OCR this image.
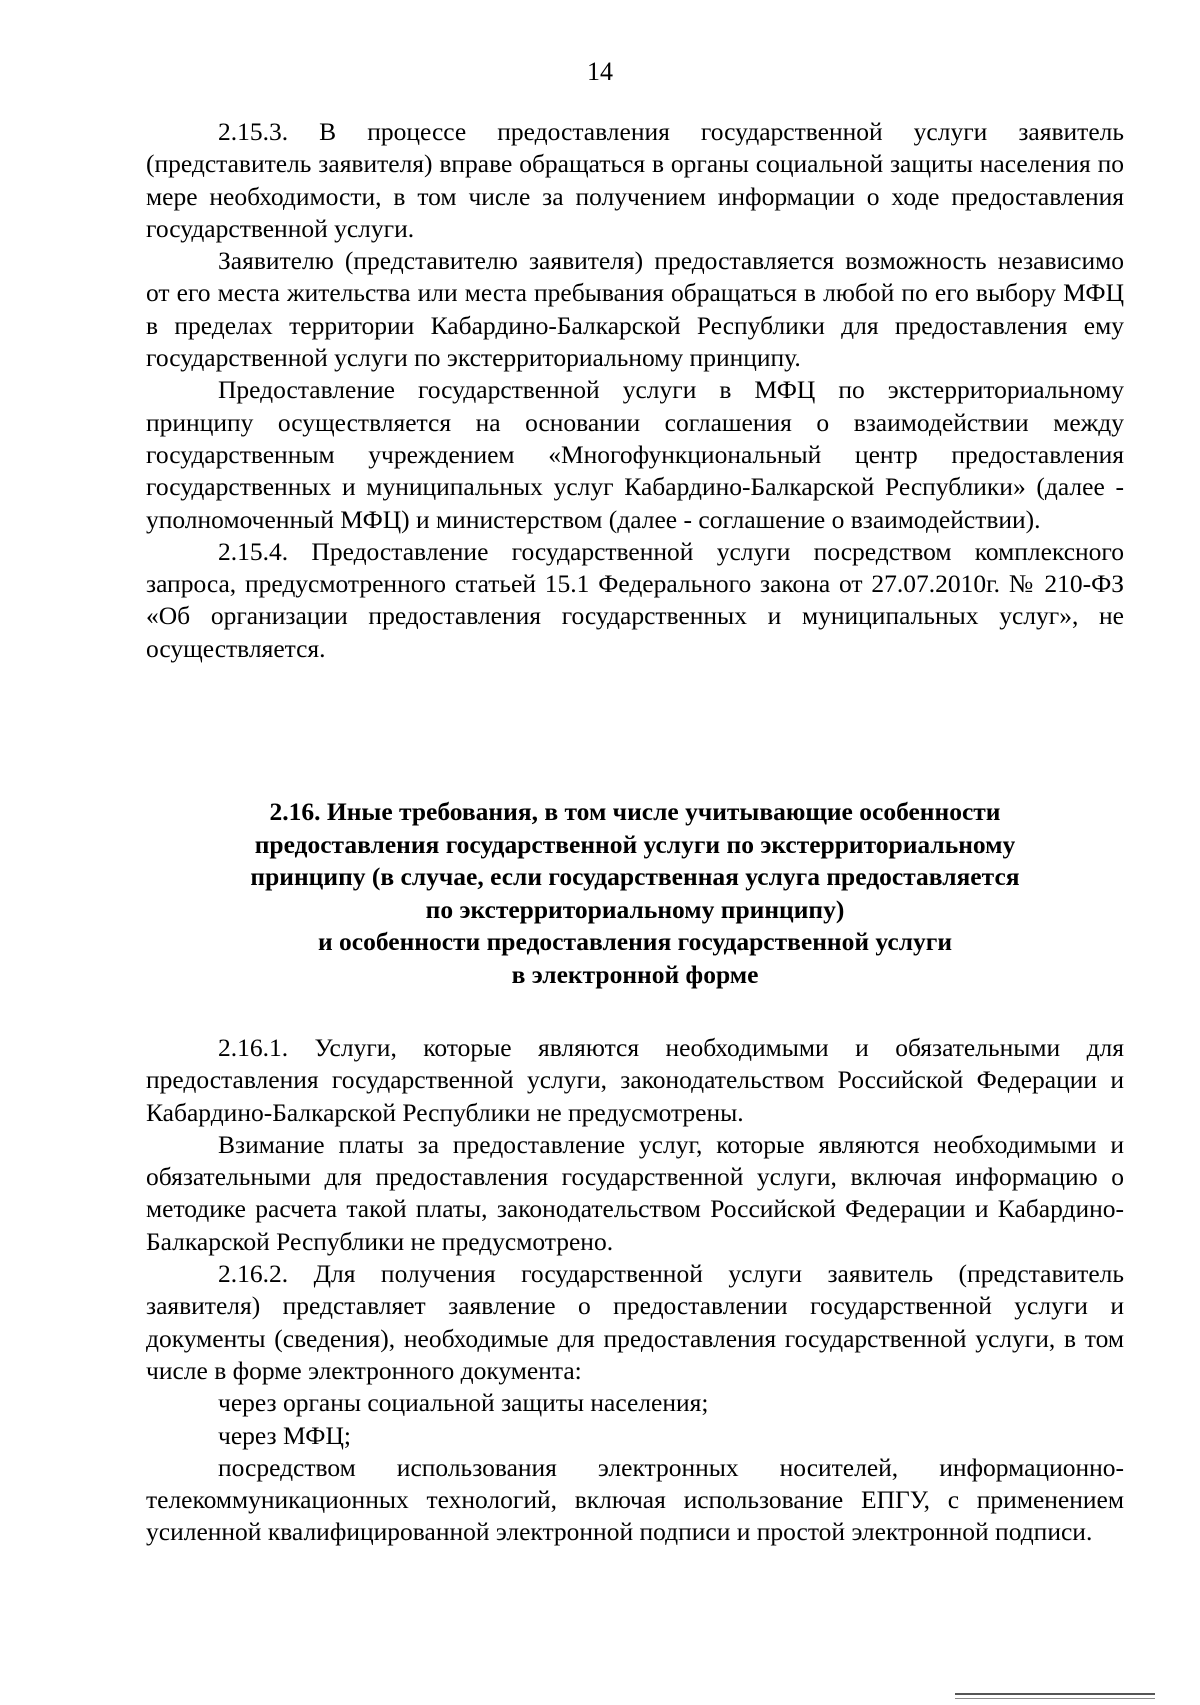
14

2.15.3. В процессе предоставления государственной услуги заявитель (представитель заявителя) вправе обращаться в органы социальной защиты населения по мере необходимости, в том числе за получением информации о ходе предоставления государственной услуги.

Заявителю (представителю заявителя) предоставляется возможность независимо от его места жительства или места пребывания обращаться в любой по его выбору МФЦ в пределах территории Кабардино-Балкарской Республики для предоставления ему государственной услуги по экстерриториальному принципу.

Предоставление государственной услуги в МФЦ по экстерриториальному принципу осуществляется на основании соглашения о взаимодействии между государственным учреждением «Многофункциональный центр предоставления государственных и муниципальных услуг Кабардино-Балкарской Республики» (далее - уполномоченный МФЦ) и министерством (далее - соглашение о взаимодействии).

2.15.4. Предоставление государственной услуги посредством комплексного запроса, предусмотренного статьей 15.1 Федерального закона от 27.07.2010г. № 210-ФЗ «Об организации предоставления государственных и муниципальных услуг», не осуществляется.

2.16. Иные требования, в том числе учитывающие особенности
предоставления государственной услуги по экстерриториальному
принципу (в случае, если государственная услуга предоставляется
по экстерриториальному принципу)
и особенности предоставления государственной услуги
в электронной форме

2.16.1. Услуги, которые являются необходимыми и обязательными для предоставления государственной услуги, законодательством Российской Федерации и Кабардино-Балкарской Республики не предусмотрены.

Взимание платы за предоставление услуг, которые являются необходимыми и обязательными для предоставления государственной услуги, включая информацию о методике расчета такой платы, законодательством Российской Федерации и Кабардино-Балкарской Республики не предусмотрено.

2.16.2. Для получения государственной услуги заявитель (представитель заявителя) представляет заявление о предоставлении государственной услуги и документы (сведения), необходимые для предоставления государственной услуги, в том числе в форме электронного документа:

через органы социальной защиты населения;

через МФЦ;

посредством использования электронных носителей, информационно-телекоммуникационных технологий, включая использование ЕПГУ, с применением усиленной квалифицированной электронной подписи и простой электронной подписи.
